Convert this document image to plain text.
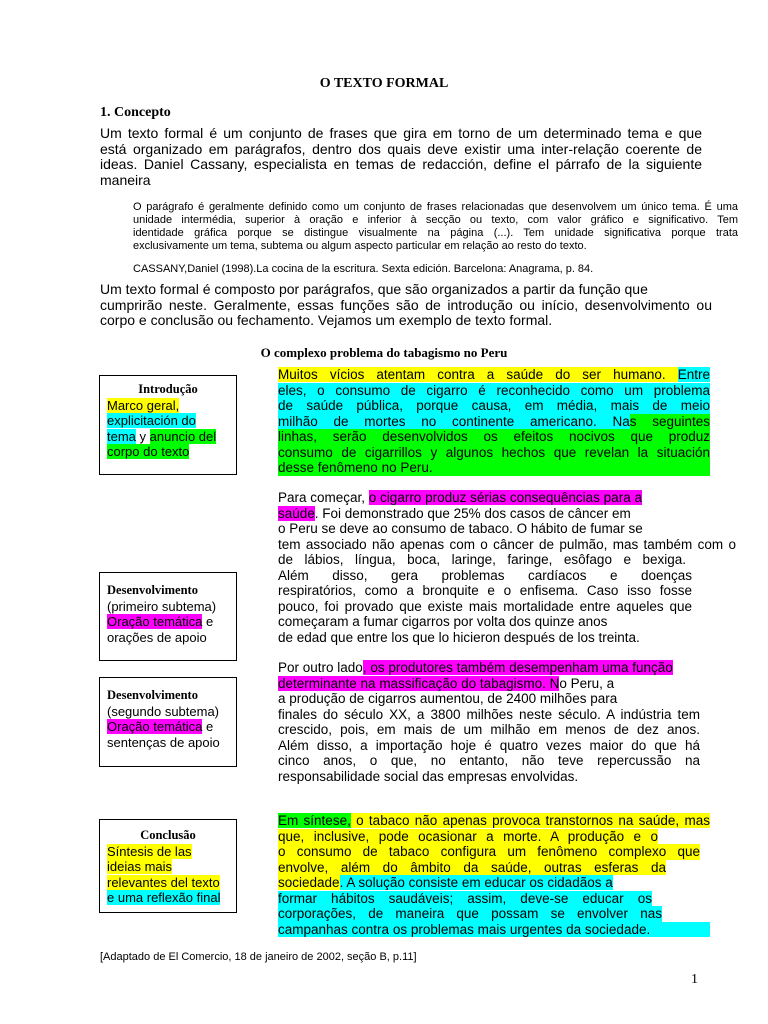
O TEXTO FORMAL
1. Concepto
Um texto formal é um conjunto de frases que gira em torno de um determinado tema e que
está organizado em parágrafos, dentro dos quais deve existir uma inter-relação coerente de
ideas. Daniel Cassany, especialista en temas de redacción, define el párrafo de la siguiente
maneira
O parágrafo é geralmente definido como um conjunto de frases relacionadas que desenvolvem um único tema. É uma
unidade intermédia, superior à oração e inferior à secção ou texto, com valor gráfico e significativo. Tem
identidade gráfica porque se distingue visualmente na página (...). Tem unidade significativa porque trata
exclusivamente um tema, subtema ou algum aspecto particular em relação ao resto do texto.
CASSANY,Daniel (1998).La cocina de la escritura. Sexta edición. Barcelona: Anagrama, p. 84.
Um texto formal é composto por parágrafos, que são organizados a partir da função que
cumprirão neste. Geralmente, essas funções são de introdução ou início, desenvolvimento ou
corpo e conclusão ou fechamento. Vejamos um exemplo de texto formal.
O complexo problema do tabagismo no Peru
Introdução
Marco geral,
explicitación do
tema y anuncio del
corpo do texto
Desenvolvimento
(primeiro subtema)
Oração temática e
orações de apoio
Desenvolvimento
(segundo subtema)
Oração temática e
sentenças de apoio
Conclusão
Síntesis de las
ideias mais
relevantes del texto
e uma reflexão final
Muitos vícios atentam contra a saúde do ser humano. Entre
eles, o consumo de cigarro é reconhecido como um problema
de saúde pública, porque causa, em média, mais de meio
milhão de mortes no continente americano. Nas seguintes
linhas, serão desenvolvidos os efeitos nocivos que produz
consumo de cigarrillos y algunos hechos que revelan la situación
desse fenômeno no Peru.
Para começar, o cigarro produz sérias consequências para a
saúde. Foi demonstrado que 25% dos casos de câncer em
o Peru se deve ao consumo de tabaco. O hábito de fumar se
tem associado não apenas com o câncer de pulmão, mas também com o
de lábios, língua, boca, laringe, faringe, esôfago e bexiga.
Além disso, gera problemas cardíacos e doenças
respiratórios, como a bronquite e o enfisema. Caso isso fosse
pouco, foi provado que existe mais mortalidade entre aqueles que
começaram a fumar cigarros por volta dos quinze anos
de edad que entre los que lo hicieron después de los treinta.
Por outro lado, os produtores também desempenham uma função
determinante na massificação do tabagismo. No Peru, a
a produção de cigarros aumentou, de 2400 milhões para
finales do século XX, a 3800 milhões neste século. A indústria tem
crescido, pois, em mais de um milhão em menos de dez anos.
Além disso, a importação hoje é quatro vezes maior do que há
cinco anos, o que, no entanto, não teve repercussão na
responsabilidade social das empresas envolvidas.
Em síntese, o tabaco não apenas provoca transtornos na saúde, mas
que, inclusive, pode ocasionar a morte. A produção e o
o consumo de tabaco configura um fenômeno complexo que
envolve, além do âmbito da saúde, outras esferas da
sociedade. A solução consiste em educar os cidadãos a
formar hábitos saudáveis; assim, deve-se educar os
corporações, de maneira que possam se envolver nas
campanhas contra os problemas mais urgentes da sociedade.
[Adaptado de El Comercio, 18 de janeiro de 2002, seção B, p.11]
1
